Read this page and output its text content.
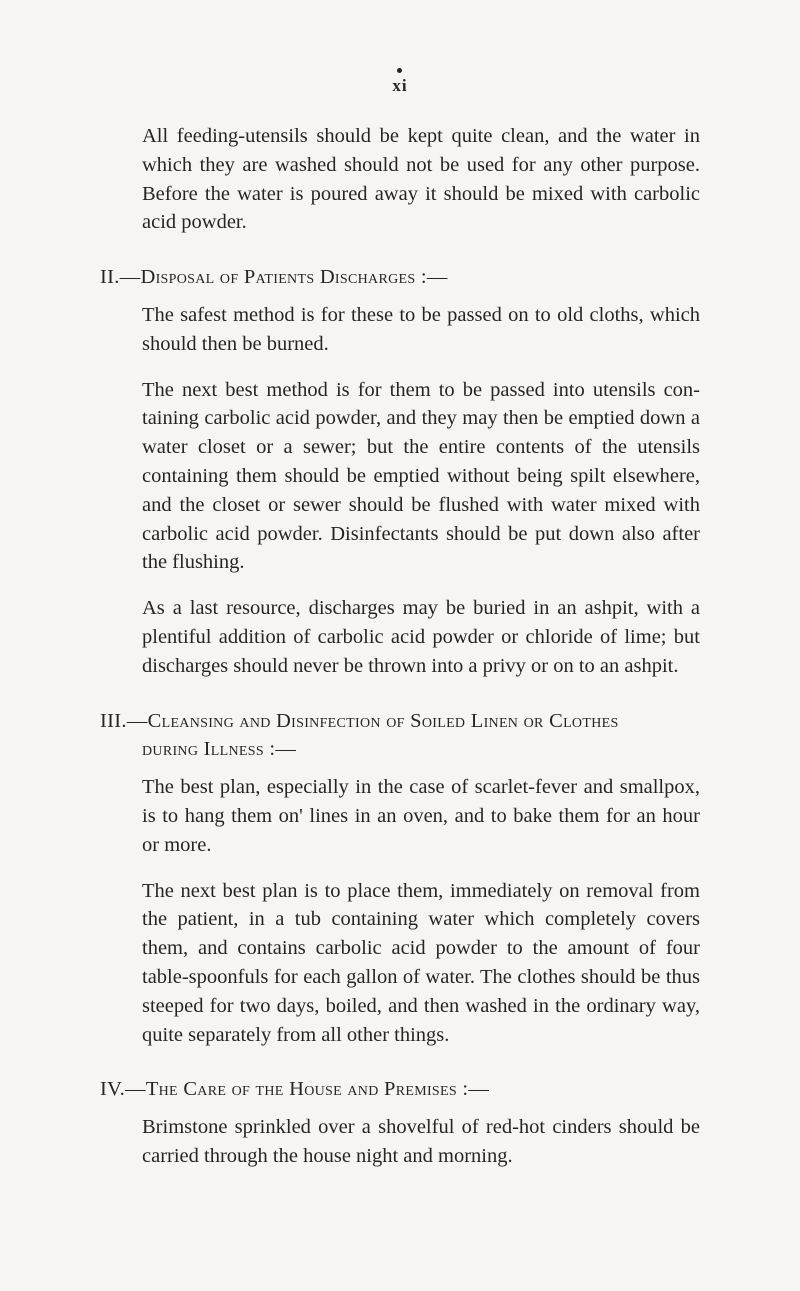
xi

All feeding-utensils should be kept quite clean, and the water in which they are washed should not be used for any other purpose. Before the water is poured away it should be mixed with carbolic acid powder.

II.—Disposal of Patients Discharges :—

The safest method is for these to be passed on to old cloths, which should then be burned.

The next best method is for them to be passed into utensils containing carbolic acid powder, and they may then be emptied down a water closet or a sewer; but the entire contents of the utensils containing them should be emptied without being spilt elsewhere, and the closet or sewer should be flushed with water mixed with carbolic acid powder. Disinfectants should be put down also after the flushing.

As a last resource, discharges may be buried in an ashpit, with a plentiful addition of carbolic acid powder or chloride of lime; but discharges should never be thrown into a privy or on to an ashpit.

III.—Cleansing and Disinfection of Soiled Linen or Clothes
during Illness :—

The best plan, especially in the case of scarlet-fever and smallpox, is to hang them on' lines in an oven, and to bake them for an hour or more.

The next best plan is to place them, immediately on removal from the patient, in a tub containing water which completely covers them, and contains carbolic acid powder to the amount of four table-spoonfuls for each gallon of water. The clothes should be thus steeped for two days, boiled, and then washed in the ordinary way, quite separately from all other things.

IV.—The Care of the House and Premises :—

Brimstone sprinkled over a shovelful of red-hot cinders should be carried through the house night and morning.
